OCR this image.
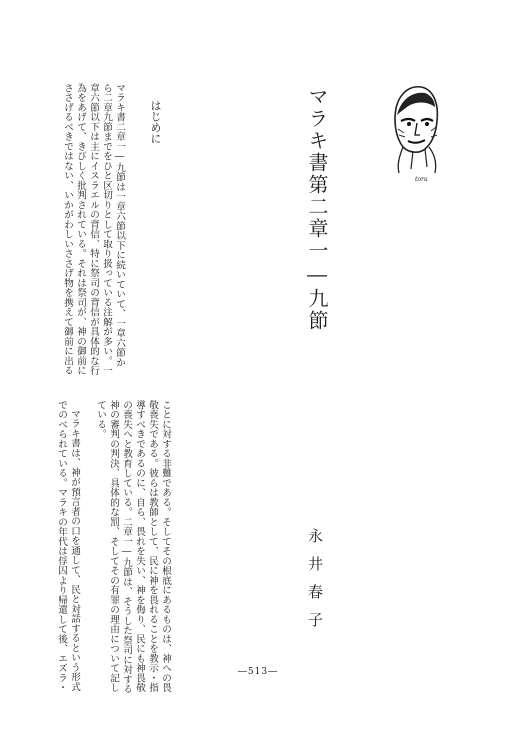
toru
マラキ書第二章一―九節
永井春子
はじめに
マラキ書二章一―九節は一章六節以下に続いていて、一章六節か
ら二章九節までをひと区切りとして取り扱っている注解が多い。一
章六節以下は主にイスラエルの背信、特に祭司の背信が具体的な行
為をあげて、きびしく批判されている。それは祭司が、神の御前に
ささげるべきではない、いかがわしいささげ物を携えて御前に出る
ことに対する非難である。そしてその根底にあるものは、神への畏
敬喪失である。彼らは教師として、民に神を畏れることを教示・指
導すべきであるのに、自ら、畏れを失い、神を侮り、民にも神畏敬
の喪失へと教育している。二章一―九節は、そうした祭司に対する
神の審判の判決、具体的な罰、そしてその有罪の理由について記し
ている。
マラキ書は、神が預言者の口を通して、民と対話するという形式
でのべられている。マラキの年代は俘囚より帰還して後、エズラ・	―513―
